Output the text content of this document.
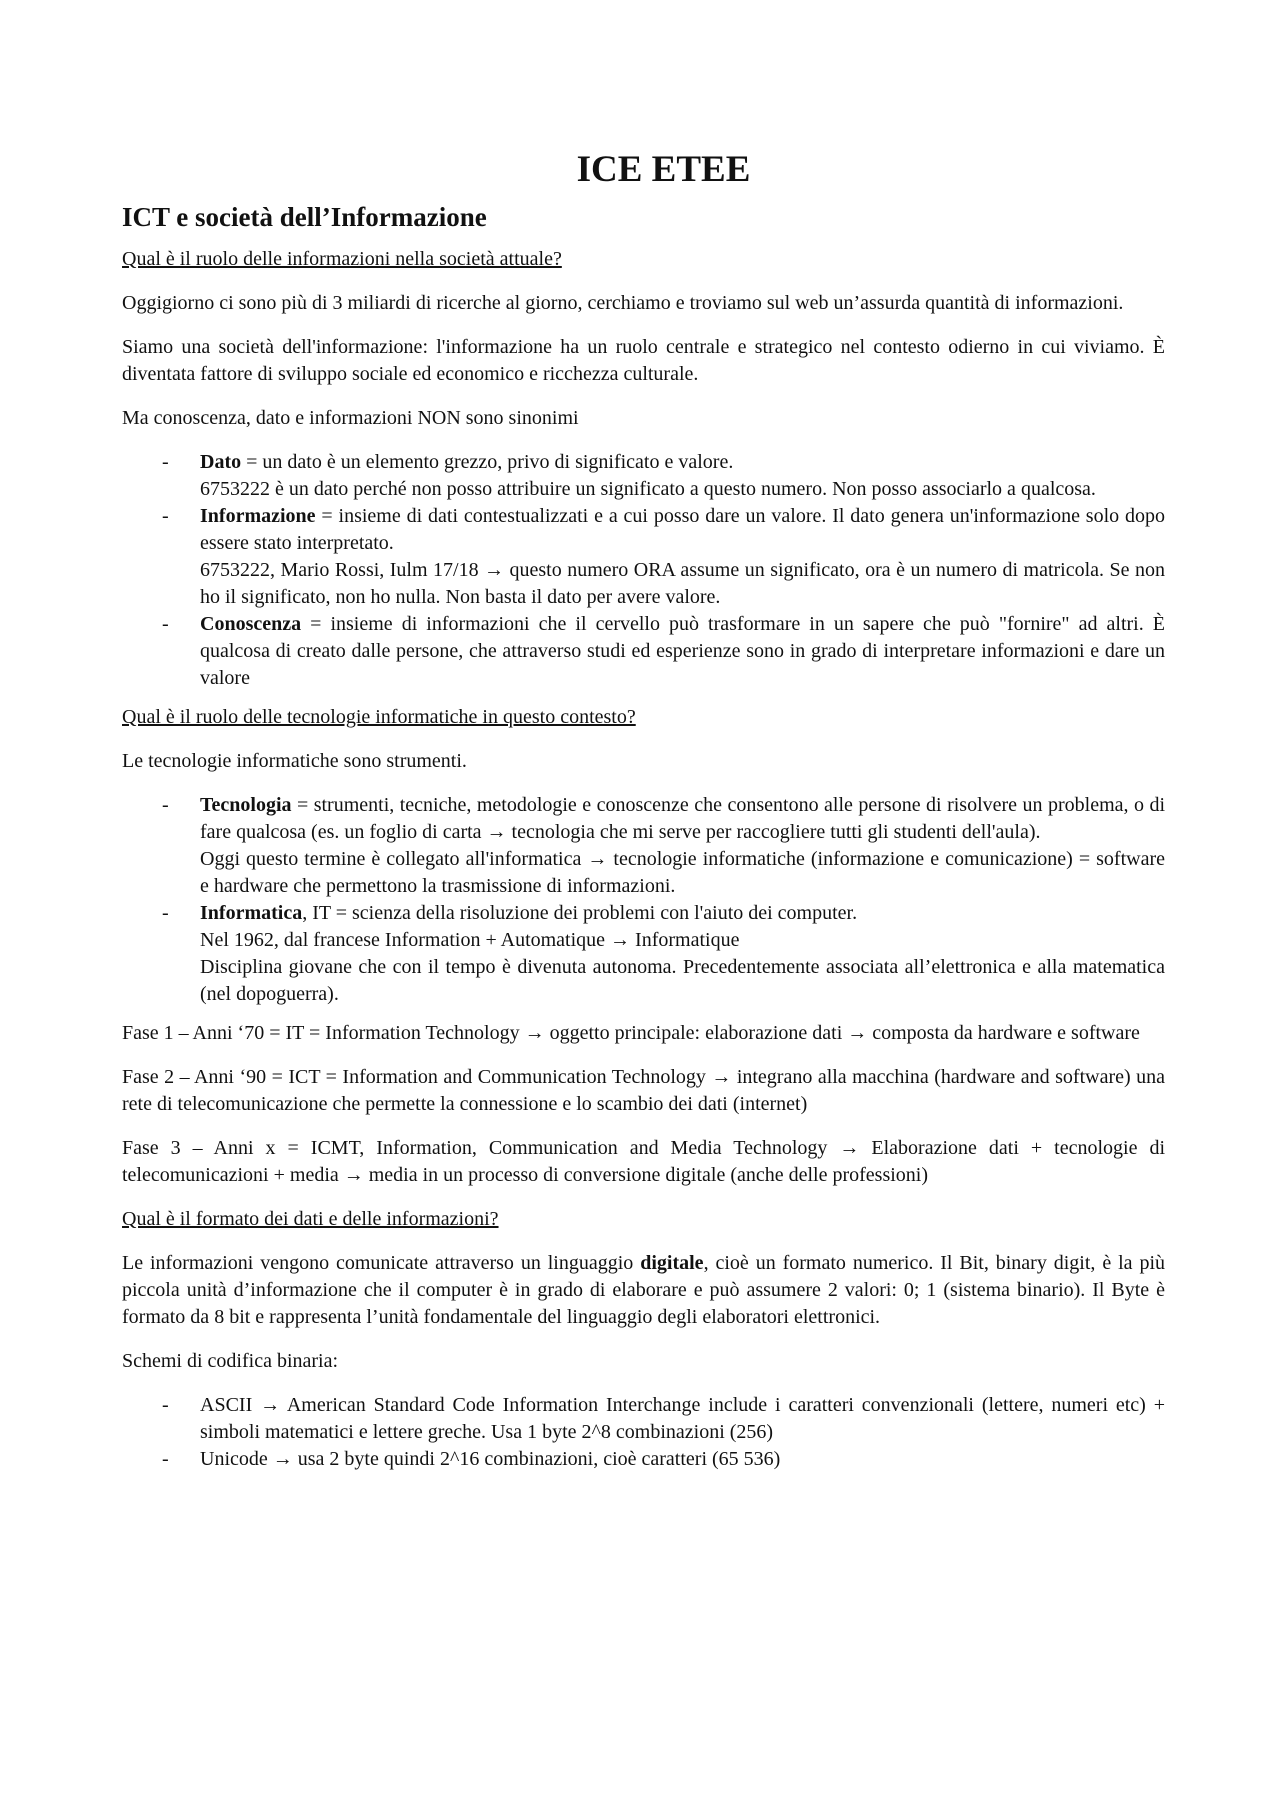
ICE ETEE
ICT e società dell’Informazione
Qual è il ruolo delle informazioni nella società attuale?

Oggigiorno ci sono più di 3 miliardi di ricerche al giorno, cerchiamo e troviamo sul web un’assurda quantità di informazioni.

Siamo una società dell'informazione: l'informazione ha un ruolo centrale e strategico nel contesto odierno in cui viviamo. È diventata fattore di sviluppo sociale ed economico e ricchezza culturale.

Ma conoscenza, dato e informazioni NON sono sinonimi

- Dato = un dato è un elemento grezzo, privo di significato e valore.
6753222 è un dato perché non posso attribuire un significato a questo numero. Non posso associarlo a qualcosa.
- Informazione = insieme di dati contestualizzati e a cui posso dare un valore. Il dato genera un'informazione solo dopo essere stato interpretato.
6753222, Mario Rossi, Iulm 17/18 → questo numero ORA assume un significato, ora è un numero di matricola. Se non ho il significato, non ho nulla. Non basta il dato per avere valore.
- Conoscenza = insieme di informazioni che il cervello può trasformare in un sapere che può "fornire" ad altri. È qualcosa di creato dalle persone, che attraverso studi ed esperienze sono in grado di interpretare informazioni e dare un valore
Qual è il ruolo delle tecnologie informatiche in questo contesto?

Le tecnologie informatiche sono strumenti.

- Tecnologia = strumenti, tecniche, metodologie e conoscenze che consentono alle persone di risolvere un problema, o di fare qualcosa (es. un foglio di carta → tecnologia che mi serve per raccogliere tutti gli studenti dell'aula).
Oggi questo termine è collegato all'informatica → tecnologie informatiche (informazione e comunicazione) = software e hardware che permettono la trasmissione di informazioni.
- Informatica, IT = scienza della risoluzione dei problemi con l'aiuto dei computer.
Nel 1962, dal francese Information + Automatique → Informatique
Disciplina giovane che con il tempo è divenuta autonoma. Precedentemente associata all’elettronica e alla matematica (nel dopoguerra).

Fase 1 – Anni ‘70 = IT = Information Technology → oggetto principale: elaborazione dati → composta da hardware e software

Fase 2 – Anni ‘90 = ICT = Information and Communication Technology → integrano alla macchina (hardware and software) una rete di telecomunicazione che permette la connessione e lo scambio dei dati (internet)

Fase 3 – Anni x = ICMT, Information, Communication and Media Technology → Elaborazione dati + tecnologie di telecomunicazioni + media → media in un processo di conversione digitale (anche delle professioni)

Qual è il formato dei dati e delle informazioni?

Le informazioni vengono comunicate attraverso un linguaggio digitale, cioè un formato numerico. Il Bit, binary digit, è la più piccola unità d’informazione che il computer è in grado di elaborare e può assumere 2 valori: 0; 1 (sistema binario). Il Byte è formato da 8 bit e rappresenta l’unità fondamentale del linguaggio degli elaboratori elettronici.

Schemi di codifica binaria:

- ASCII → American Standard Code Information Interchange include i caratteri convenzionali (lettere, numeri etc) + simboli matematici e lettere greche. Usa 1 byte 2^8 combinazioni (256)
- Unicode → usa 2 byte quindi 2^16 combinazioni, cioè caratteri (65 536)
